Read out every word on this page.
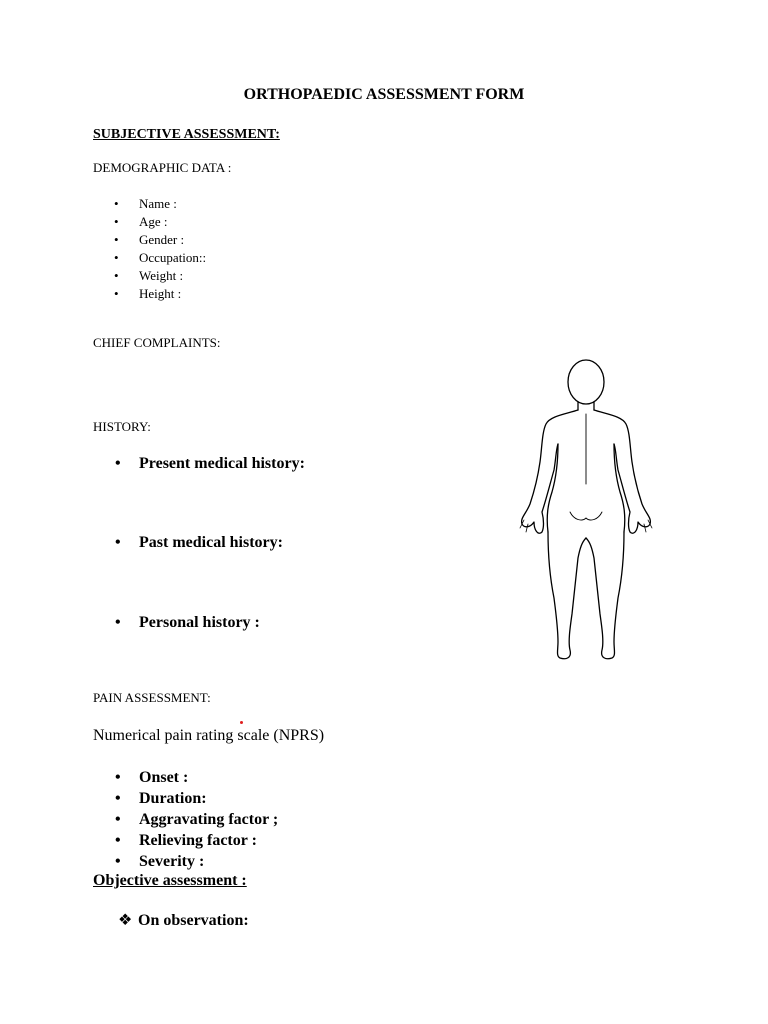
ORTHOPAEDIC ASSESSMENT FORM
SUBJECTIVE ASSESSMENT:
DEMOGRAPHIC DATA :
• Name :
• Age :
• Gender :
• Occupation::
• Weight :
• Height :
CHIEF COMPLAINTS:
HISTORY:
• Present medical history:
• Past medical history:
• Personal history :
PAIN ASSESSMENT:
Numerical pain rating scale (NPRS)
• Onset :
• Duration:
• Aggravating factor ;
• Relieving factor :
• Severity :
Objective assessment :
❖ On observation:
